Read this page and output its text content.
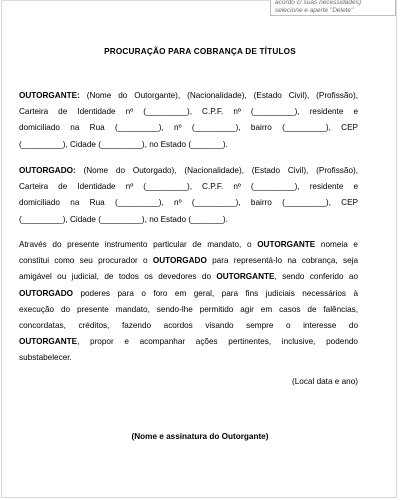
acordo c/ suas necessidades)
selecione e aperte "Delete"
PROCURAÇÃO PARA COBRANÇA DE TÍTULOS
OUTORGANTE: (Nome do Outorgante), (Nacionalidade), (Estado Civil), (Profissão),
Carteira de Identidade nº (_________), C.P.F. nº (_________), residente e
domiciliado na Rua (_________), nº (_________), bairro (_________), CEP
(_________), Cidade (_________), no Estado (_______).
OUTORGADO: (Nome do Outorgado), (Nacionalidade), (Estado Civil), (Profissão),
Carteira de Identidade nº (_________), C.P.F. nº (_________), residente e
domiciliado na Rua (_________), nº (_________), bairro (_________), CEP
(_________), Cidade (_________), no Estado (_______).
Através do presente instrumento particular de mandato, o OUTORGANTE nomeia e
constitui como seu procurador o OUTORGADO para representá-lo na cobrança, seja
amigável ou judicial, de todos os devedores do OUTORGANTE, sendo conferido ao
OUTORGADO poderes para o foro em geral, para fins judiciais necessários à
execução do presente mandato, sendo-lhe permitido agir em casos de falências,
concordatas, créditos, fazendo acordos visando sempre o interesse do
OUTORGANTE, propor e acompanhar ações pertinentes, inclusive, podendo
substabelecer.
(Local data e ano)
(Nome e assinatura do Outorgante)
